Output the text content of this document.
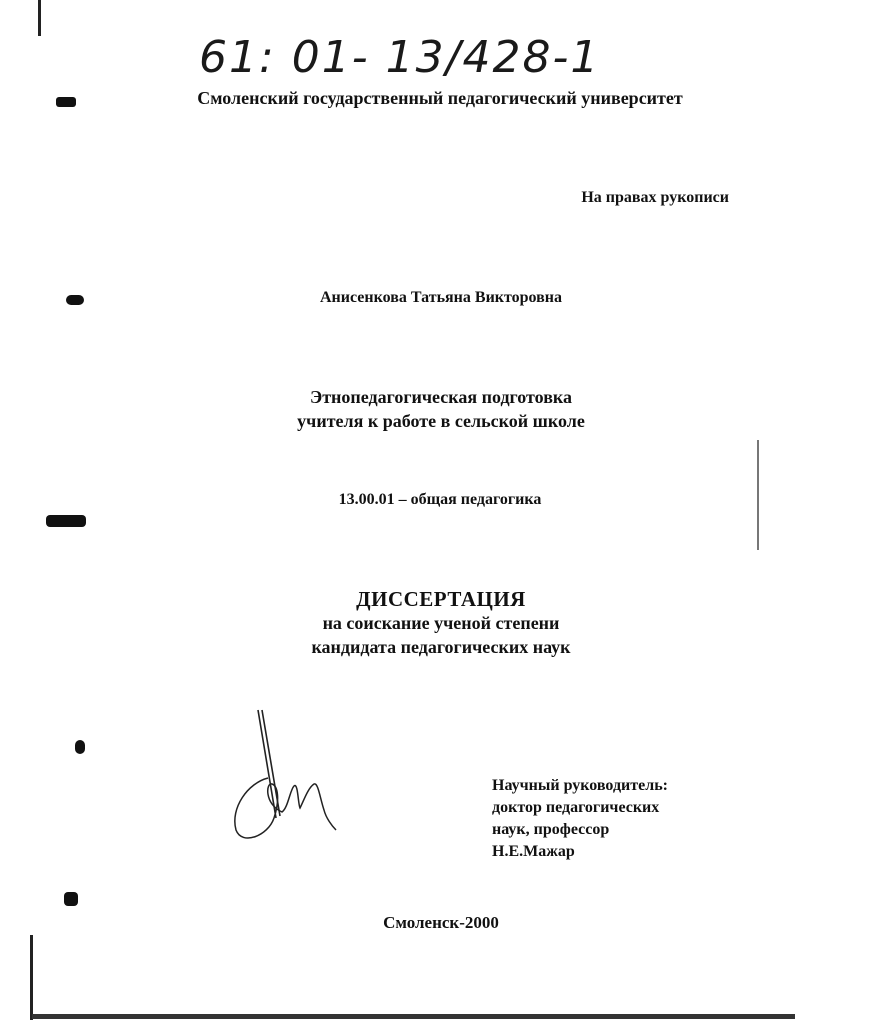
61: 01- 13/428-1
Смоленский государственный педагогический университет
На правах рукописи
Анисенкова Татьяна Викторовна
Этнопедагогическая подготовка
учителя к работе в сельской школе
13.00.01 – общая педагогика
ДИССЕРТАЦИЯ
на соискание ученой степени
кандидата педагогических наук
Научный руководитель:
доктор педагогических
наук, профессор
Н.Е.Мажар
Смоленск-2000
